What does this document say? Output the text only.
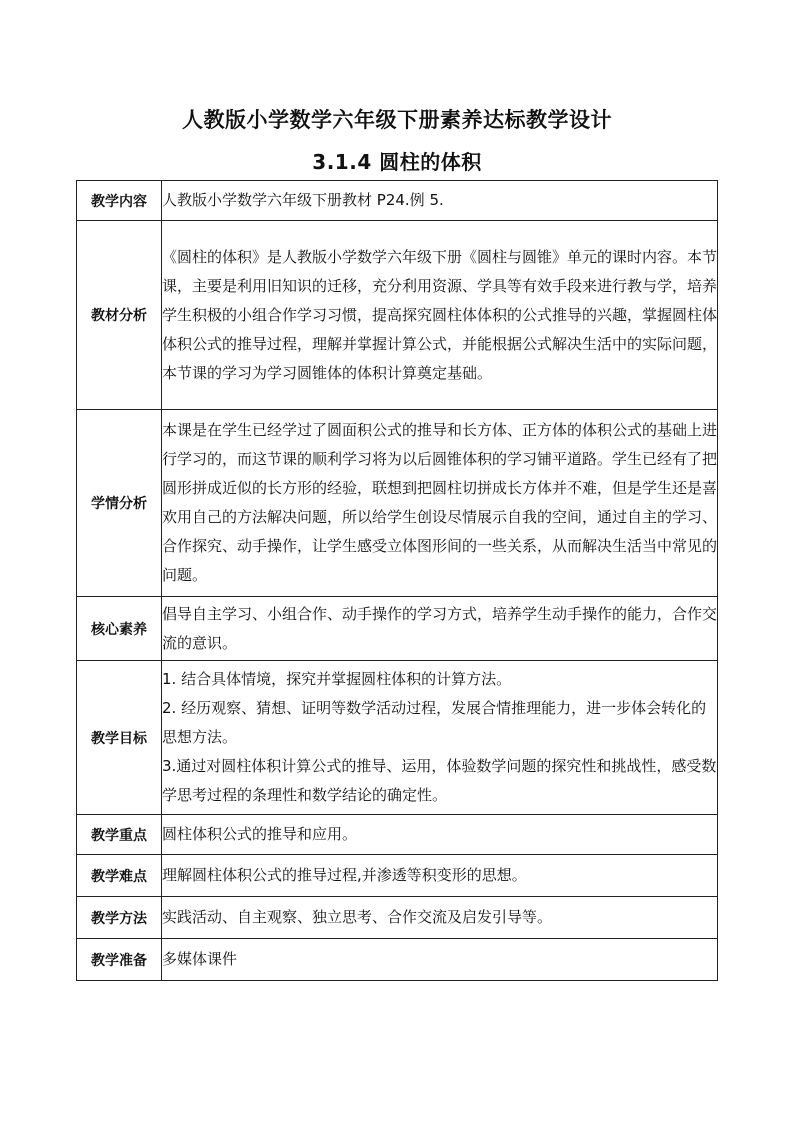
人教版小学数学六年级下册素养达标教学设计
3.1.4 圆柱的体积
教学内容	人教版小学数学六年级下册教材 P24.例 5.
教材分析	《圆柱的体积》是人教版小学数学六年级下册《圆柱与圆锥》单元的课时内容。本节课，主要是利用旧知识的迁移，充分利用资源、学具等有效手段来进行教与学，培养学生积极的小组合作学习习惯，提高探究圆柱体体积的公式推导的兴趣，掌握圆柱体体积公式的推导过程，理解并掌握计算公式，并能根据公式解决生活中的实际问题，本节课的学习为学习圆锥体的体积计算奠定基础。
学情分析	本课是在学生已经学过了圆面积公式的推导和长方体、正方体的体积公式的基础上进行学习的，而这节课的顺利学习将为以后圆锥体积的学习铺平道路。学生已经有了把圆形拼成近似的长方形的经验，联想到把圆柱切拼成长方体并不难，但是学生还是喜欢用自己的方法解决问题，所以给学生创设尽情展示自我的空间，通过自主的学习、合作探究、动手操作，让学生感受立体图形间的一些关系，从而解决生活当中常见的问题。
核心素养	倡导自主学习、小组合作、动手操作的学习方式，培养学生动手操作的能力，合作交流的意识。
教学目标	1. 结合具体情境，探究并掌握圆柱体积的计算方法。

2. 经历观察、猜想、证明等数学活动过程，发展合情推理能力，进一步体会转化的思想方法。

3.通过对圆柱体积计算公式的推导、运用，体验数学问题的探究性和挑战性，感受数学思考过程的条理性和数学结论的确定性。

教学重点	圆柱体积公式的推导和应用。
教学难点	理解圆柱体积公式的推导过程,并渗透等积变形的思想。
教学方法	实践活动、自主观察、独立思考、合作交流及启发引导等。
教学准备	多媒体课件
